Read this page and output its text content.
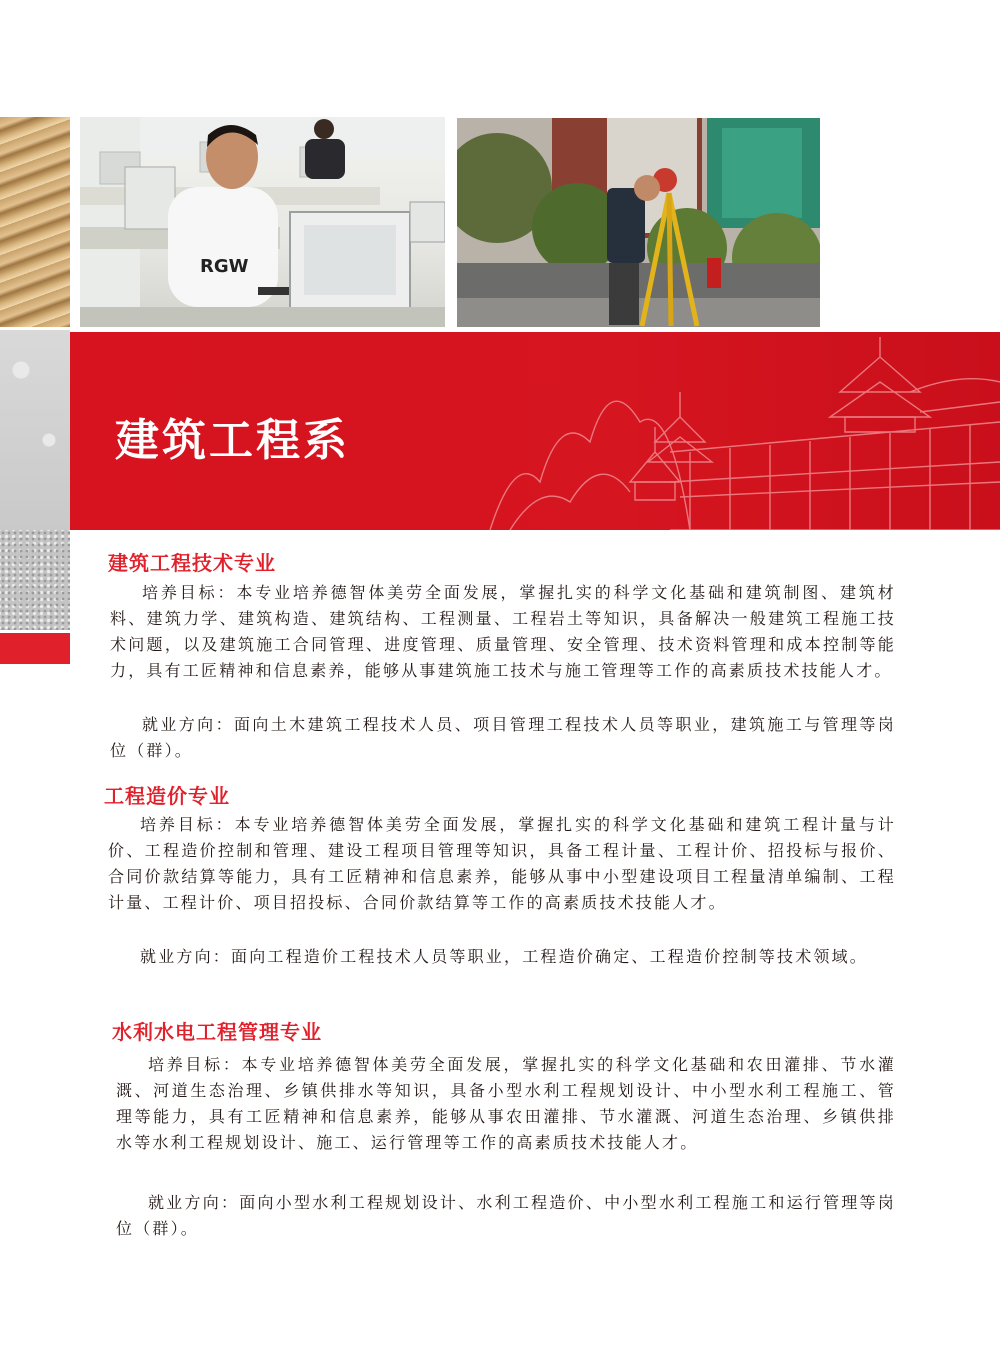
RGW
建筑工程系
建筑工程技术专业

培养目标：本专业培养德智体美劳全面发展，掌握扎实的科学文化基础和建筑制图、建筑材料、建筑力学、建筑构造、建筑结构、工程测量、工程岩土等知识，具备解决一般建筑工程施工技术问题，以及建筑施工合同管理、进度管理、质量管理、安全管理、技术资料管理和成本控制等能力，具有工匠精神和信息素养，能够从事建筑施工技术与施工管理等工作的高素质技术技能人才。

就业方向：面向土木建筑工程技术人员、项目管理工程技术人员等职业，建筑施工与管理等岗位（群）。

工程造价专业

培养目标：本专业培养德智体美劳全面发展，掌握扎实的科学文化基础和建筑工程计量与计价、工程造价控制和管理、建设工程项目管理等知识，具备工程计量、工程计价、招投标与报价、合同价款结算等能力，具有工匠精神和信息素养，能够从事中小型建设项目工程量清单编制、工程计量、工程计价、项目招投标、合同价款结算等工作的高素质技术技能人才。

就业方向：面向工程造价工程技术人员等职业，工程造价确定、工程造价控制等技术领域。

水利水电工程管理专业

培养目标：本专业培养德智体美劳全面发展，掌握扎实的科学文化基础和农田灌排、节水灌溉、河道生态治理、乡镇供排水等知识，具备小型水利工程规划设计、中小型水利工程施工、管理等能力，具有工匠精神和信息素养，能够从事农田灌排、节水灌溉、河道生态治理、乡镇供排水等水利工程规划设计、施工、运行管理等工作的高素质技术技能人才。

就业方向：面向小型水利工程规划设计、水利工程造价、中小型水利工程施工和运行管理等岗位（群）。
